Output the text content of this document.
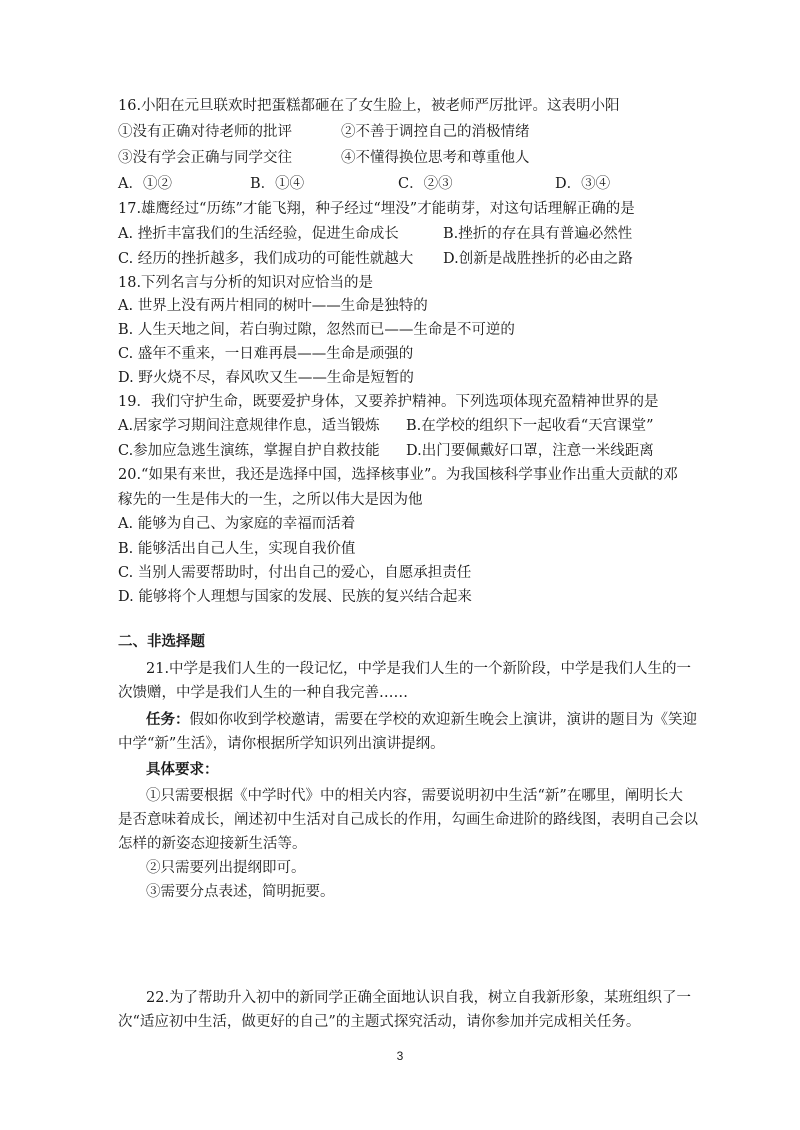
16.小阳在元旦联欢时把蛋糕都砸在了女生脸上，被老师严厉批评。这表明小阳
①没有正确对待老师的批评	②不善于调控自己的消极情绪
③没有学会正确与同学交往	④不懂得换位思考和尊重他人
A．①②	B．①④	C．②③	D．③④
17.雄鹰经过“历练”才能飞翔，种子经过“埋没”才能萌芽，对这句话理解正确的是
A. 挫折丰富我们的生活经验，促进生命成长	B.挫折的存在具有普遍必然性
C. 经历的挫折越多，我们成功的可能性就越大 D.创新是战胜挫折的必由之路
18.下列名言与分析的知识对应恰当的是
A. 世界上没有两片相同的树叶——生命是独特的
B. 人生天地之间，若白驹过隙，忽然而已——生命是不可逆的
C. 盛年不重来，一日难再晨——生命是顽强的
D. 野火烧不尽，春风吹又生——生命是短暂的
19．我们守护生命，既要爱护身体，又要养护精神。下列选项体现充盈精神世界的是
A.居家学习期间注意规律作息，适当锻炼 B.在学校的组织下一起收看“天宫课堂”
C.参加应急逃生演练，掌握自护自救技能 D.出门要佩戴好口罩，注意一米线距离
20.“如果有来世，我还是选择中国，选择核事业”。为我国核科学事业作出重大贡献的邓
稼先的一生是伟大的一生，之所以伟大是因为他
A. 能够为自己、为家庭的幸福而活着
B. 能够活出自己人生，实现自我价值
C. 当别人需要帮助时，付出自己的爱心，自愿承担责任
D. 能够将个人理想与国家的发展、民族的复兴结合起来
二、非选择题
21.中学是我们人生的一段记忆，中学是我们人生的一个新阶段，中学是我们人生的一
次馈赠，中学是我们人生的一种自我完善……
任务：假如你收到学校邀请，需要在学校的欢迎新生晚会上演讲，演讲的题目为《笑迎
中学“新”生活》，请你根据所学知识列出演讲提纲。
具体要求：
①只需要根据《中学时代》中的相关内容，需要说明初中生活“新”在哪里，阐明长大
是否意味着成长，阐述初中生活对自己成长的作用，勾画生命进阶的路线图，表明自己会以
怎样的新姿态迎接新生活等。
②只需要列出提纲即可。
③需要分点表述，简明扼要。
22.为了帮助升入初中的新同学正确全面地认识自我，树立自我新形象，某班组织了一
次“适应初中生活，做更好的自己”的主题式探究活动，请你参加并完成相关任务。
3
